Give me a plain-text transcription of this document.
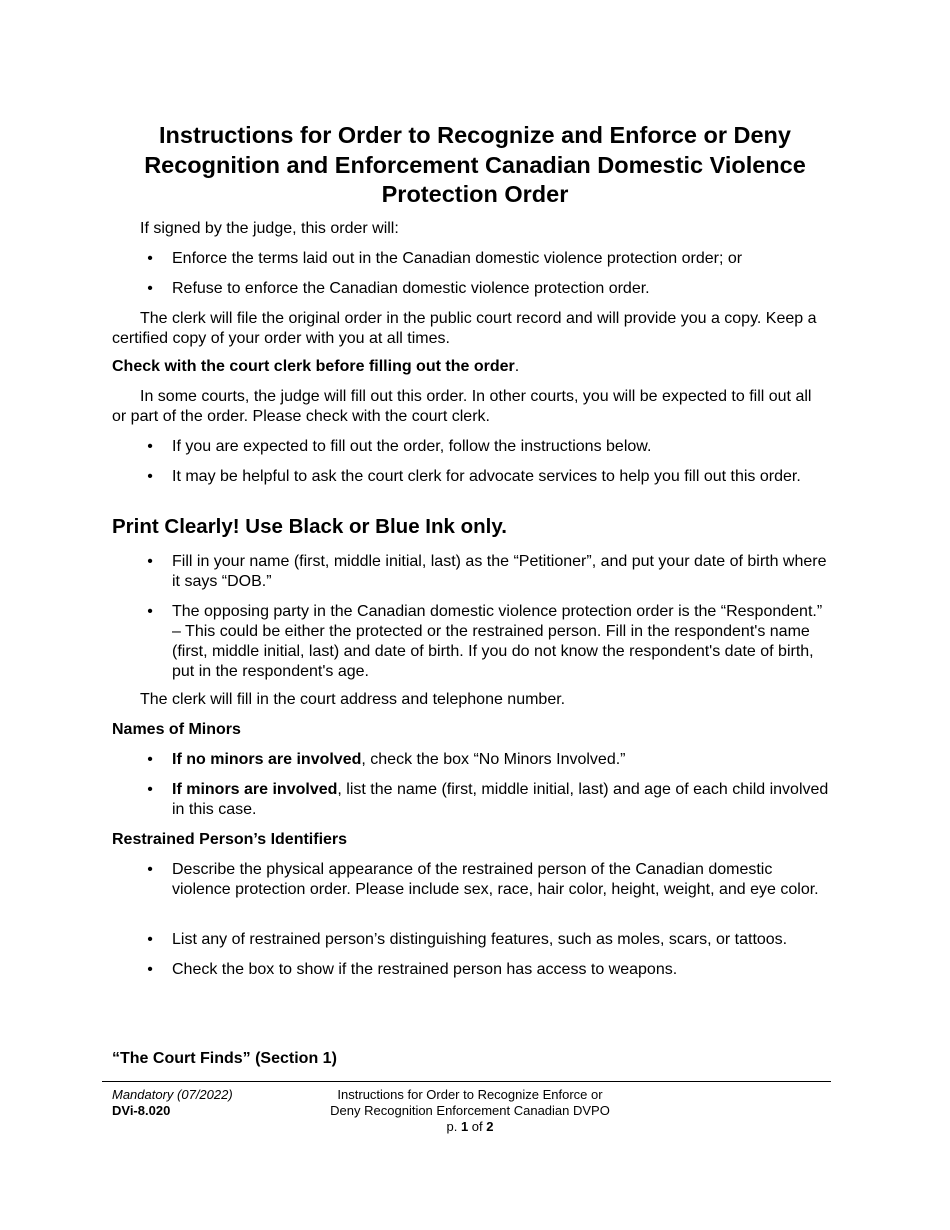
Instructions for Order to Recognize and Enforce or Deny Recognition and Enforcement Canadian Domestic Violence Protection Order

If signed by the judge, this order will:

•	Enforce the terms laid out in the Canadian domestic violence protection order; or
•	Refuse to enforce the Canadian domestic violence protection order.

The clerk will file the original order in the public court record and will provide you a copy. Keep a certified copy of your order with you at all times.

Check with the court clerk before filling out the order.

In some courts, the judge will fill out this order. In other courts, you will be expected to fill out all or part of the order. Please check with the court clerk.

•	If you are expected to fill out the order, follow the instructions below.
•	It may be helpful to ask the court clerk for advocate services to help you fill out this order.
Print Clearly! Use Black or Blue Ink only.
•	Fill in your name (first, middle initial, last) as the “Petitioner”, and put your date of birth where it says “DOB.”
•	The opposing party in the Canadian domestic violence protection order is the “Respondent.” – This could be either the protected or the restrained person. Fill in the respondent's name (first, middle initial, last) and date of birth. If you do not know the respondent's date of birth, put in the respondent's age.

The clerk will fill in the court address and telephone number.

Names of Minors

•	If no minors are involved, check the box “No Minors Involved.”
•	If minors are involved, list the name (first, middle initial, last) and age of each child involved in this case.

Restrained Person’s Identifiers

•	Describe the physical appearance of the restrained person of the Canadian domestic violence protection order. Please include sex, race, hair color, height, weight, and eye color.
•	List any of restrained person’s distinguishing features, such as moles, scars, or tattoos.
•	Check the box to show if the restrained person has access to weapons.

“The Court Finds” (Section 1)

Mandatory (07/2022)
DVi-8.020
Instructions for Order to Recognize Enforce or
Deny Recognition Enforcement Canadian DVPO
p. 1 of 2
